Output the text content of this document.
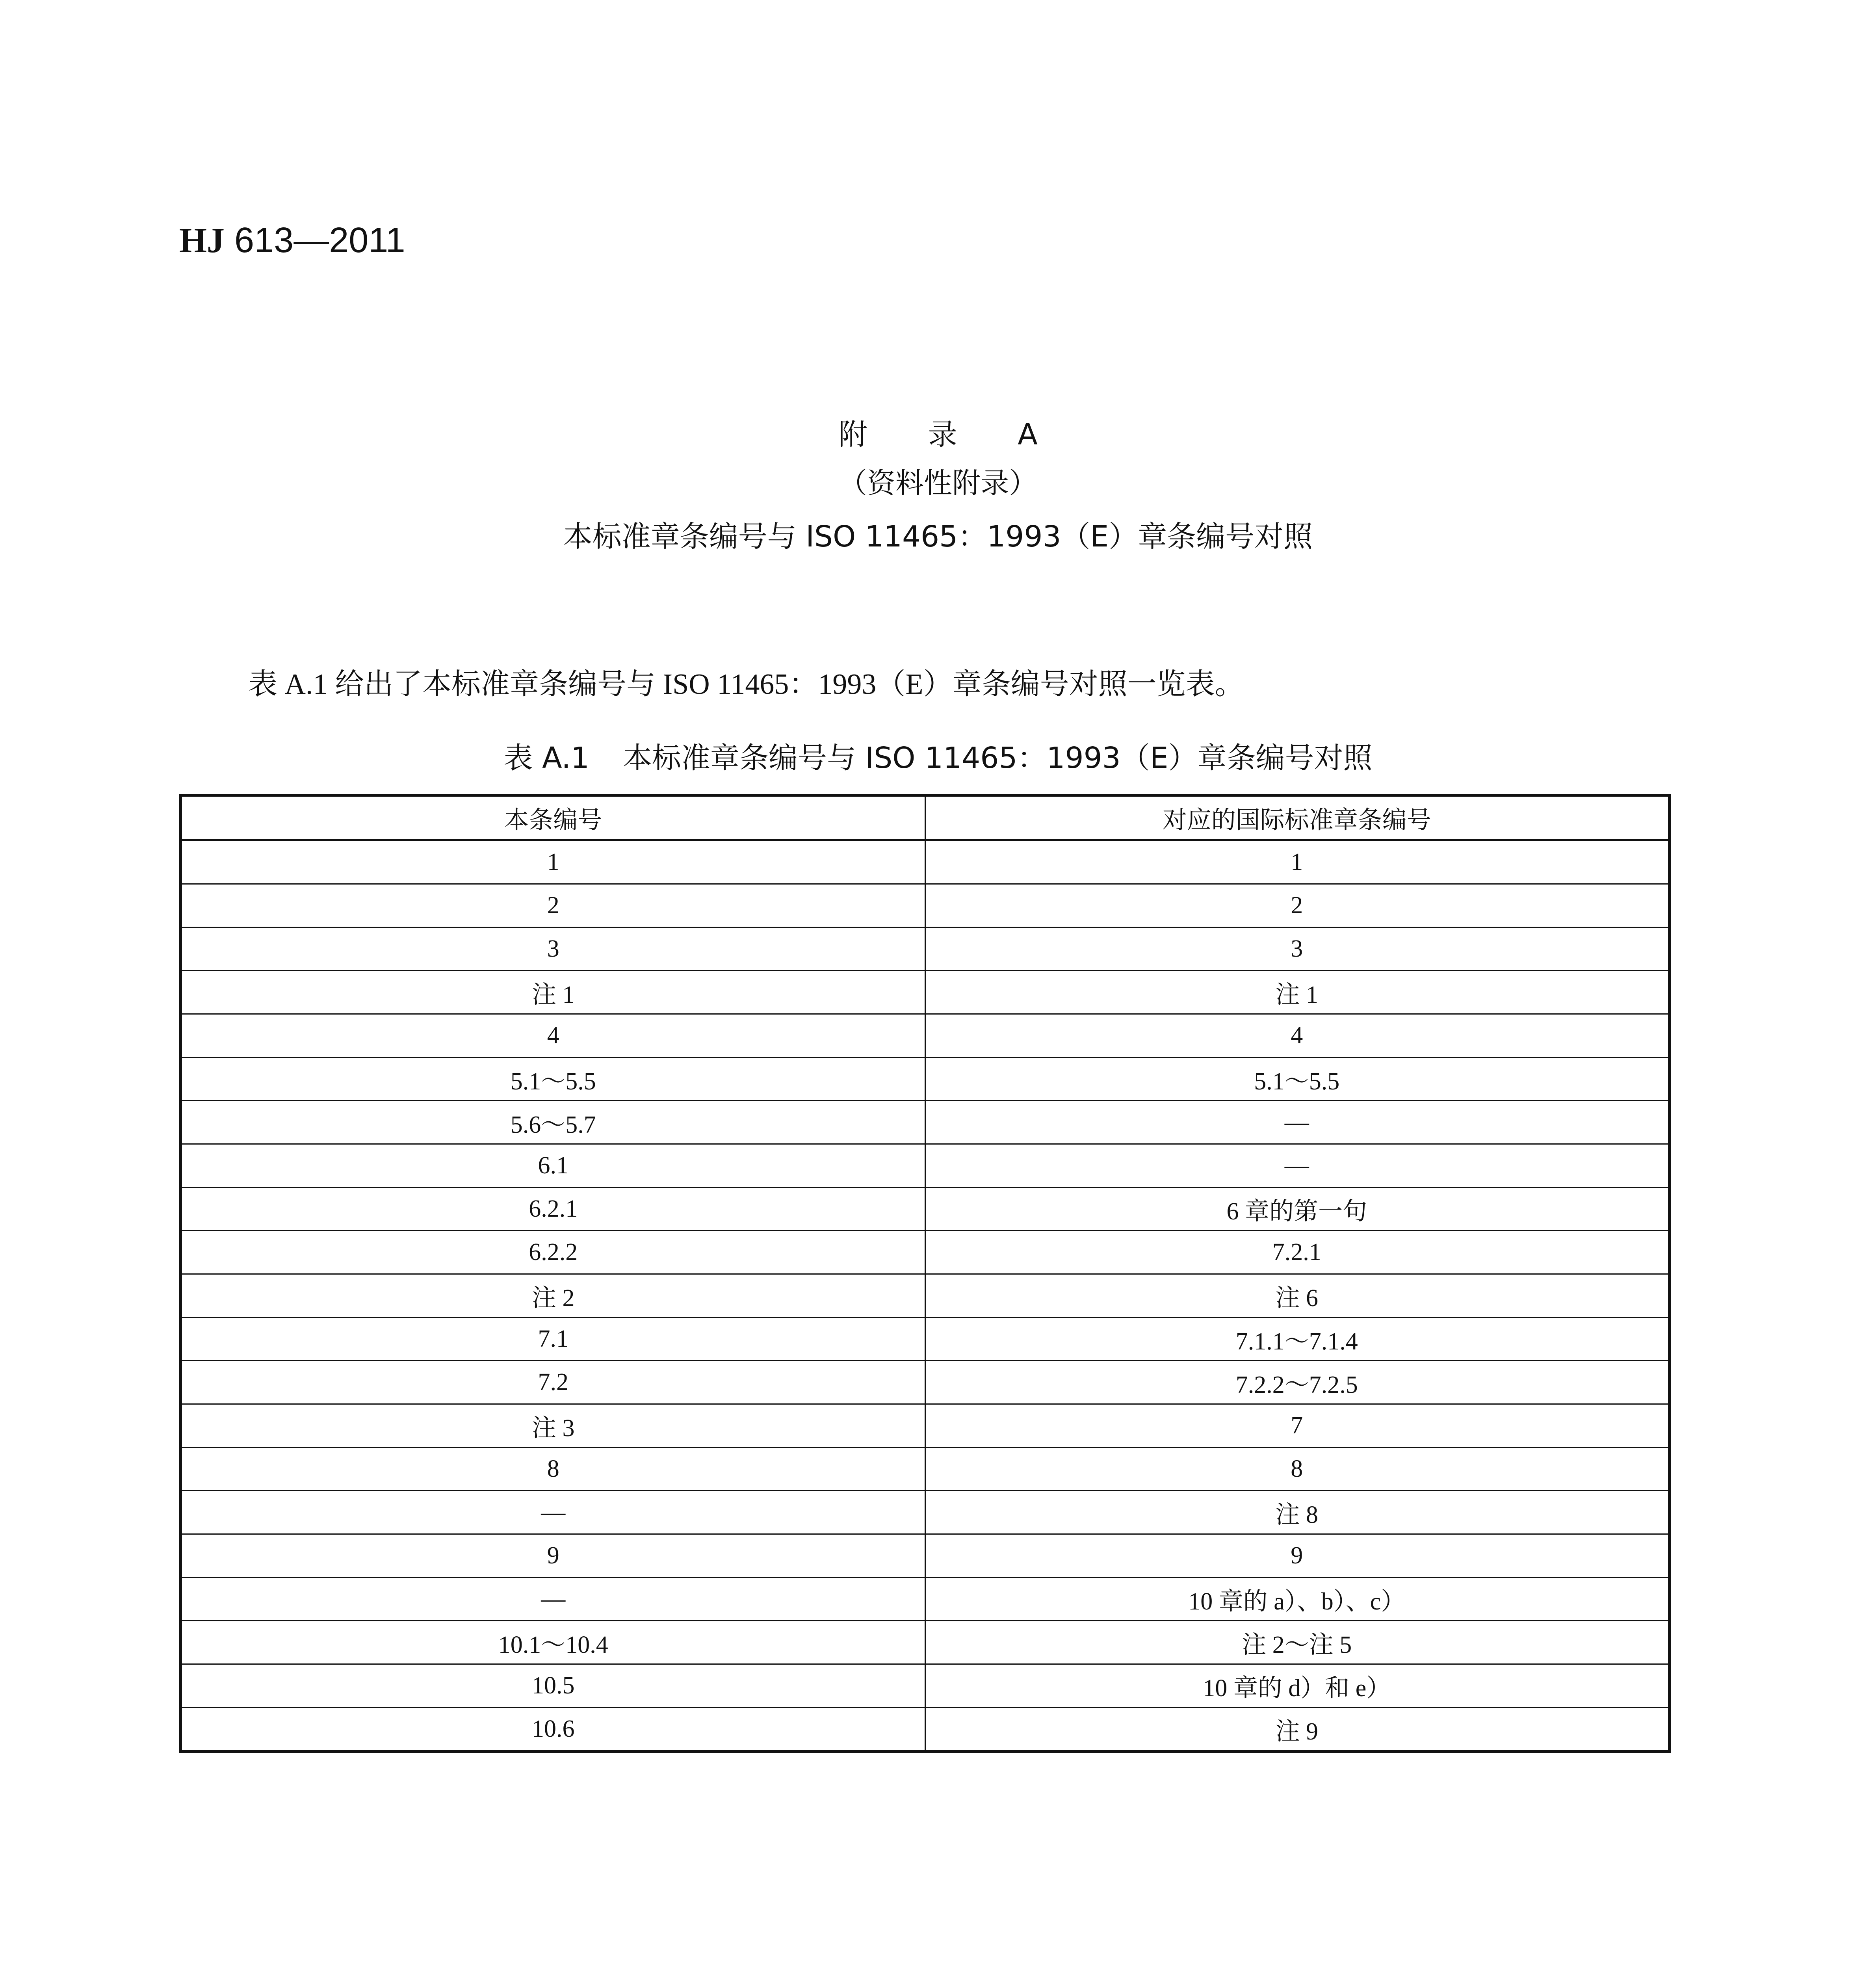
HJ 613—2011
附 录 A
（资料性附录）
本标准章条编号与 ISO 11465：1993（E）章条编号对照
表 A.1 给出了本标准章条编号与 ISO 11465：1993（E）章条编号对照一览表。
表 A.1 本标准章条编号与 ISO 11465：1993（E）章条编号对照
本条编号	对应的国际标准章条编号
1	1
2	2
3	3
注 1	注 1
4	4
5.1～5.5	5.1～5.5
5.6～5.7	—
6.1	—
6.2.1	6 章的第一句
6.2.2	7.2.1
注 2	注 6
7.1	7.1.1～7.1.4
7.2	7.2.2～7.2.5
注 3	7
8	8
—	注 8
9	9
—	10 章的 a）、b）、c）
10.1～10.4	注 2～注 5
10.5	10 章的 d）和 e）
10.6	注 9
